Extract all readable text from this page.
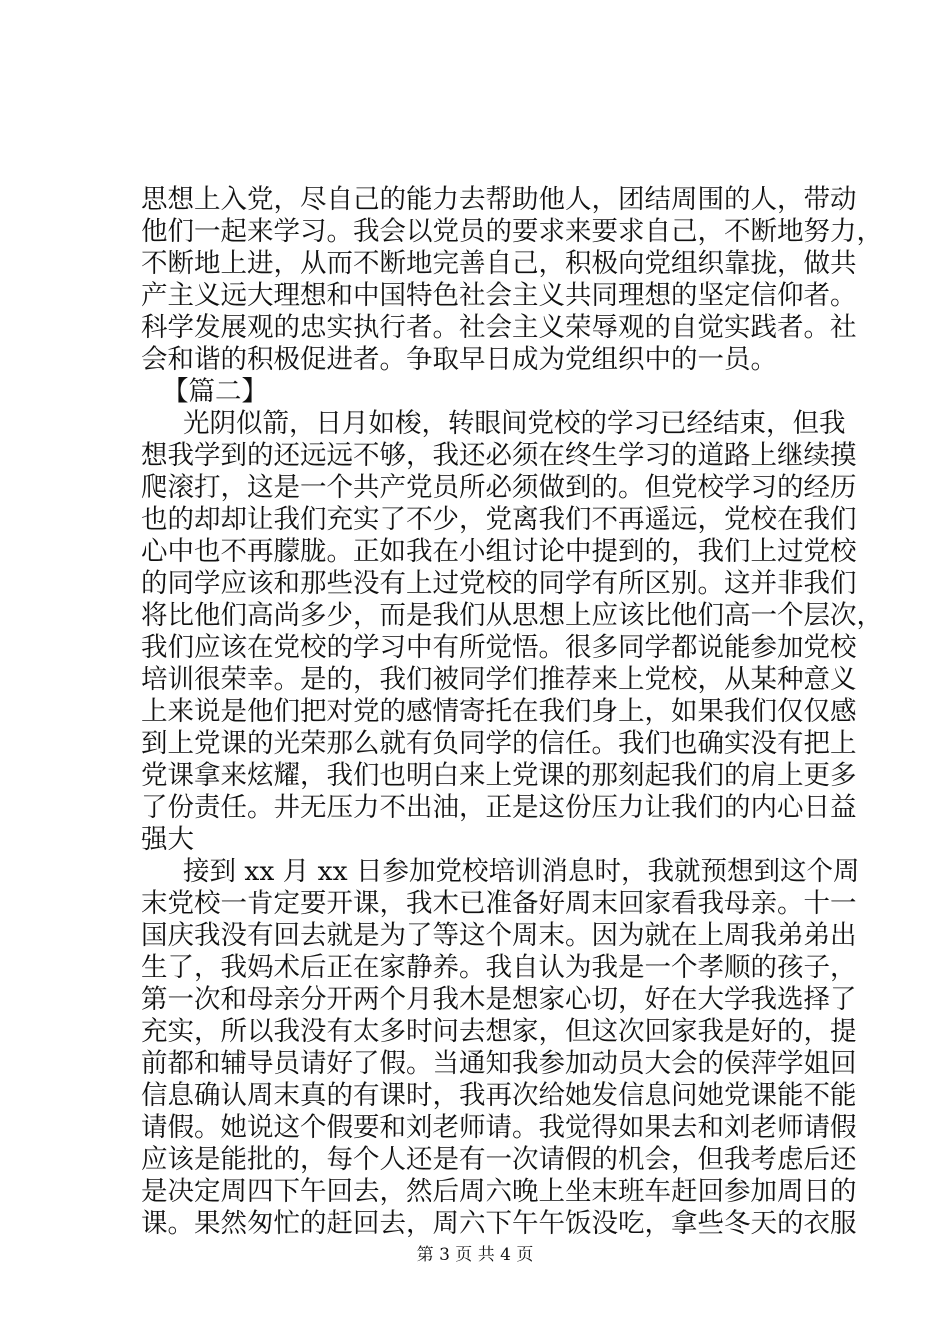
思想上入党，尽自己的能力去帮助他人，团结周围的人，带动
他们一起来学习。我会以党员的要求来要求自己，不断地努力，
不断地上进，从而不断地完善自己，积极向党组织靠拢，做共
产主义远大理想和中国特色社会主义共同理想的坚定信仰者。
科学发展观的忠实执行者。社会主义荣辱观的自觉实践者。社
会和谐的积极促进者。争取早日成为党组织中的一员。
【篇二】
光阴似箭，日月如梭，转眼间党校的学习已经结束，但我
想我学到的还远远不够，我还必须在终生学习的道路上继续摸
爬滚打，这是一个共产党员所必须做到的。但党校学习的经历
也的却却让我们充实了不少，党离我们不再遥远，党校在我们
心中也不再朦胧。正如我在小组讨论中提到的，我们上过党校
的同学应该和那些没有上过党校的同学有所区别。这并非我们
将比他们高尚多少，而是我们从思想上应该比他们高一个层次，
我们应该在党校的学习中有所觉悟。很多同学都说能参加党校
培训很荣幸。是的，我们被同学们推荐来上党校，从某种意义
上来说是他们把对党的感情寄托在我们身上，如果我们仅仅感
到上党课的光荣那么就有负同学的信任。我们也确实没有把上
党课拿来炫耀，我们也明白来上党课的那刻起我们的肩上更多
了份责任。井无压力不出油，正是这份压力让我们的内心日益
强大
接到 xx 月 xx 日参加党校培训消息时，我就预想到这个周
末党校一肯定要开课，我木已准备好周末回家看我母亲。十一
国庆我没有回去就是为了等这个周末。因为就在上周我弟弟出
生了，我妈术后正在家静养。我自认为我是一个孝顺的孩子，
第一次和母亲分开两个月我木是想家心切，好在大学我选择了
充实，所以我没有太多时问去想家，但这次回家我是好的，提
前都和辅导员请好了假。当通知我参加动员大会的侯萍学姐回
信息确认周末真的有课时，我再次给她发信息问她党课能不能
请假。她说这个假要和刘老师请。我觉得如果去和刘老师请假
应该是能批的，每个人还是有一次请假的机会，但我考虑后还
是决定周四下午回去，然后周六晚上坐末班车赶回参加周日的
课。果然匆忙的赶回去，周六下午午饭没吃，拿些冬天的衣服
第 3 页 共 4 页
